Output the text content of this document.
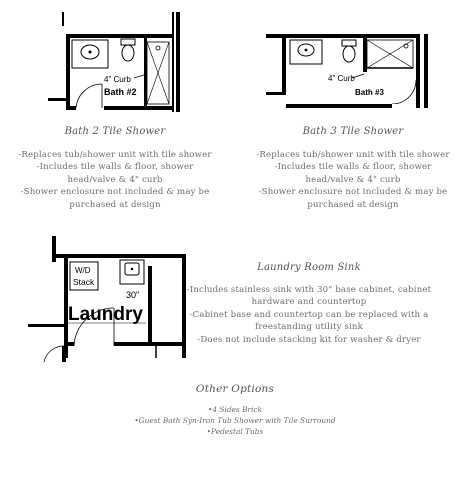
4" Curb
Bath #2
Bath 2 Tile Shower
-Replaces tub/shower unit with tile shower
-Includes tile walls & floor, shower
head/valve & 4" curb
-Shower enclosure not included & may be
purchased at design
4" Curb
Bath #3
Bath 3 Tile Shower
-Replaces tub/shower unit with tile shower
-Includes tile walls & floor, shower
head/valve & 4" curb
-Shower enclosure not included & may be
purchased at design
W/D
Stack
30"
Laundry
Laundry Room Sink
-Includes stainless sink with 30" base cabinet, cabinet
hardware and countertop
-Cabinet base and countertop can be replaced with a
freestanding utility sink
-Does not include stacking kit for washer & dryer
Other Options
•4 Sides Brick
•Guest Bath Syn-Iron Tub Shower with Tile Surround
•Pedestal Tubs
